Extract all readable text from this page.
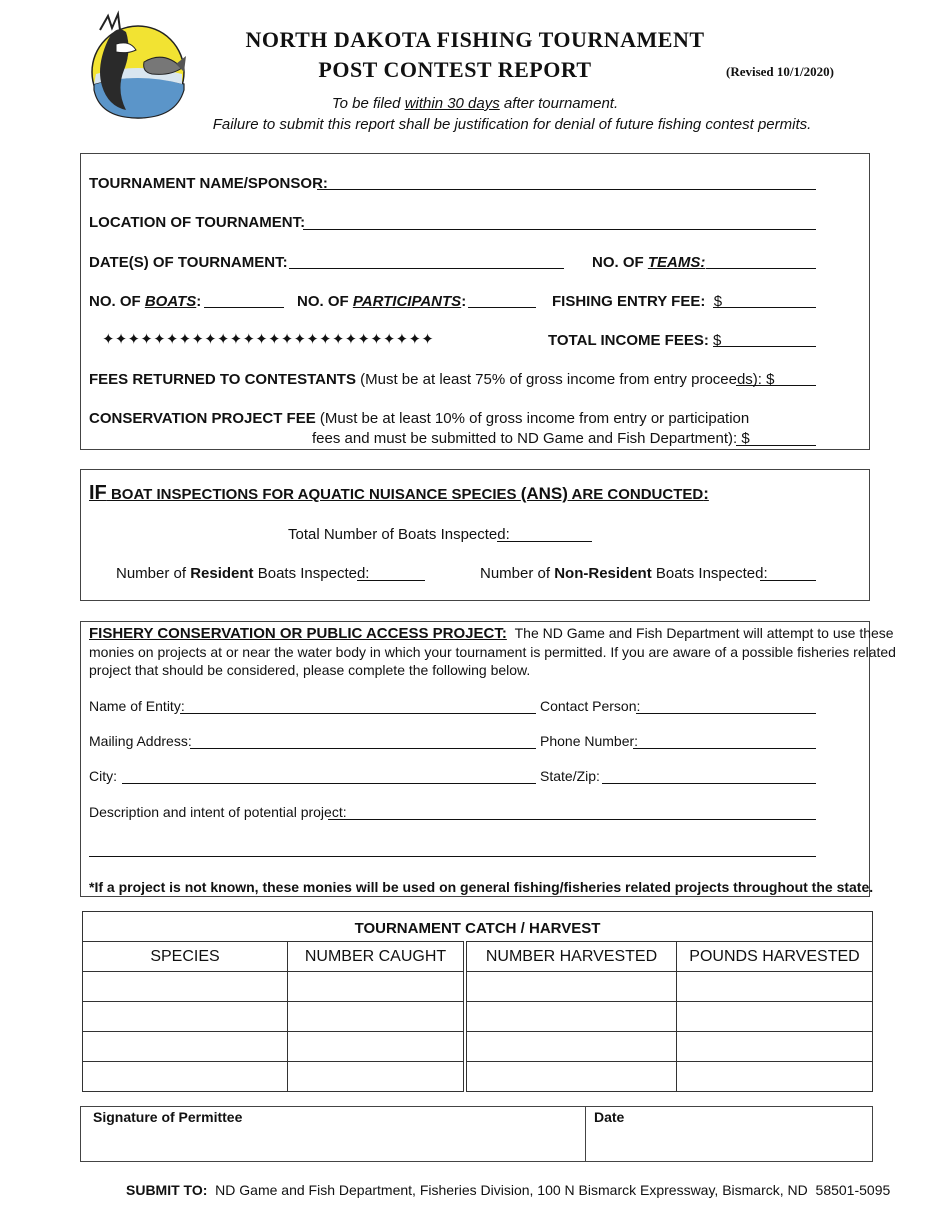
NORTH DAKOTA FISHING TOURNAMENT
POST CONTEST REPORT	(Revised 10/1/2020)
To be filed within 30 days after tournament.
Failure to submit this report shall be justification for denial of future fishing contest permits.
TOURNAMENT NAME/SPONSOR:
LOCATION OF TOURNAMENT:
DATE(S) OF TOURNAMENT:	NO. OF TEAMS:
NO. OF BOATS:	NO. OF PARTICIPANTS:	FISHING ENTRY FEE: $
✦✦✦✦✦✦✦✦✦✦✦✦✦✦✦✦✦✦✦✦✦✦✦✦✦✦	TOTAL INCOME FEES: $
FEES RETURNED TO CONTESTANTS (Must be at least 75% of gross income from entry proceeds): $
CONSERVATION PROJECT FEE (Must be at least 10% of gross income from entry or participation
fees and must be submitted to ND Game and Fish Department): $
IF BOAT INSPECTIONS FOR AQUATIC NUISANCE SPECIES (ANS) ARE CONDUCTED:
Total Number of Boats Inspected:
Number of Resident Boats Inspected:	Number of Non-Resident Boats Inspected:
FISHERY CONSERVATION OR PUBLIC ACCESS PROJECT: The ND Game and Fish Department will attempt to use these
monies on projects at or near the water body in which your tournament is permitted. If you are aware of a possible fisheries related
project that should be considered, please complete the following below.
Name of Entity:	Contact Person:
Mailing Address:	Phone Number:
City:	State/Zip:
Description and intent of potential project:
*If a project is not known, these monies will be used on general fishing/fisheries related projects throughout the state.
TOURNAMENT CATCH / HARVEST			
SPECIES	NUMBER CAUGHT	NUMBER HARVESTED	POUNDS HARVESTED

Signature of Permittee	Date
SUBMIT TO:  ND Game and Fish Department, Fisheries Division, 100 N Bismarck Expressway, Bismarck, ND  58501-5095
